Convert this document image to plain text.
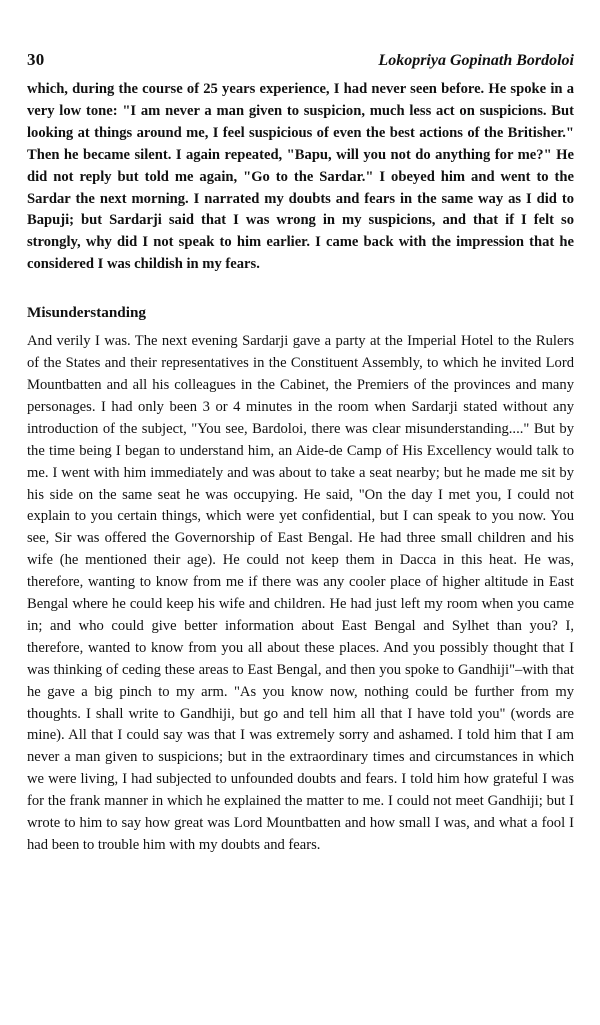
30	Lokopriya Gopinath Bordoloi

which, during the course of 25 years experience, I had never seen before. He spoke in a very low tone: "I am never a man given to suspicion, much less act on suspicions. But looking at things around me, I feel suspicious of even the best actions of the Britisher." Then he became silent. I again repeated, "Bapu, will you not do anything for me?" He did not reply but told me again, "Go to the Sardar." I obeyed him and went to the Sardar the next morning. I narrated my doubts and fears in the same way as I did to Bapuji; but Sardarji said that I was wrong in my suspicions, and that if I felt so strongly, why did I not speak to him earlier. I came back with the impression that he considered I was childish in my fears.

Misunderstanding

And verily I was. The next evening Sardarji gave a party at the Imperial Hotel to the Rulers of the States and their representatives in the Constituent Assembly, to which he invited Lord Mountbatten and all his colleagues in the Cabinet, the Premiers of the provinces and many personages. I had only been 3 or 4 minutes in the room when Sardarji stated without any introduction of the subject, "You see, Bardoloi, there was clear misunderstanding...." But by the time being I began to understand him, an Aide-de Camp of His Excellency would talk to me. I went with him immediately and was about to take a seat nearby; but he made me sit by his side on the same seat he was occupying. He said, "On the day I met you, I could not explain to you certain things, which were yet confidential, but I can speak to you now. You see, Sir was offered the Governorship of East Bengal. He had three small children and his wife (he mentioned their age). He could not keep them in Dacca in this heat. He was, therefore, wanting to know from me if there was any cooler place of higher altitude in East Bengal where he could keep his wife and children. He had just left my room when you came in; and who could give better information about East Bengal and Sylhet than you? I, therefore, wanted to know from you all about these places. And you possibly thought that I was thinking of ceding these areas to East Bengal, and then you spoke to Gandhiji"–with that he gave a big pinch to my arm. "As you know now, nothing could be further from my thoughts. I shall write to Gandhiji, but go and tell him all that I have told you" (words are mine). All that I could say was that I was extremely sorry and ashamed. I told him that I am never a man given to suspicions; but in the extraordinary times and circumstances in which we were living, I had subjected to unfounded doubts and fears. I told him how grateful I was for the frank manner in which he explained the matter to me. I could not meet Gandhiji; but I wrote to him to say how great was Lord Mountbatten and how small I was, and what a fool I had been to trouble him with my doubts and fears.
